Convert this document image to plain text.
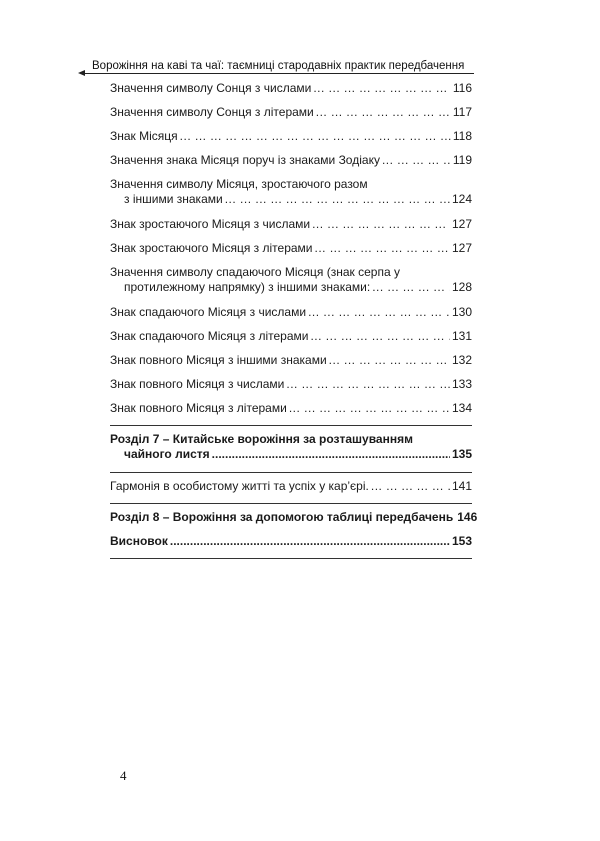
Ворожіння на каві та чаї: таємниці стародавніх практик передбачення
Значення символу Сонця з числами ... .	116
Значення символу Сонця з літерами ... .	117
Знак Місяця ... .	118
Значення знака Місяця поруч із знаками Зодіаку ... .	119
Значення символу Місяця, зростаючого разом
з іншими знаками ... .	124
Знак зростаючого Місяця з числами ... .	127
Знак зростаючого Місяця з літерами ... .	127
Значення символу спадаючого Місяця (знак серпа у
протилежному напрямку) з іншими знаками: ... .	128
Знак спадаючого Місяця з числами ... .	130
Знак спадаючого Місяця з літерами ... .	131
Знак повного Місяця з іншими знаками ... .	132
Знак повного Місяця з числами ... .	133
Знак повного Місяця з літерами ... .	134
Розділ 7 – Китайське ворожіння за розташуванням
чайного листя .....	135
Гармонія в особистому житті та успіх у кар’єрі. ... .	141
Розділ 8 – Ворожіння за допомогою таблиці передбачень 146
Висновок .....	153
4
